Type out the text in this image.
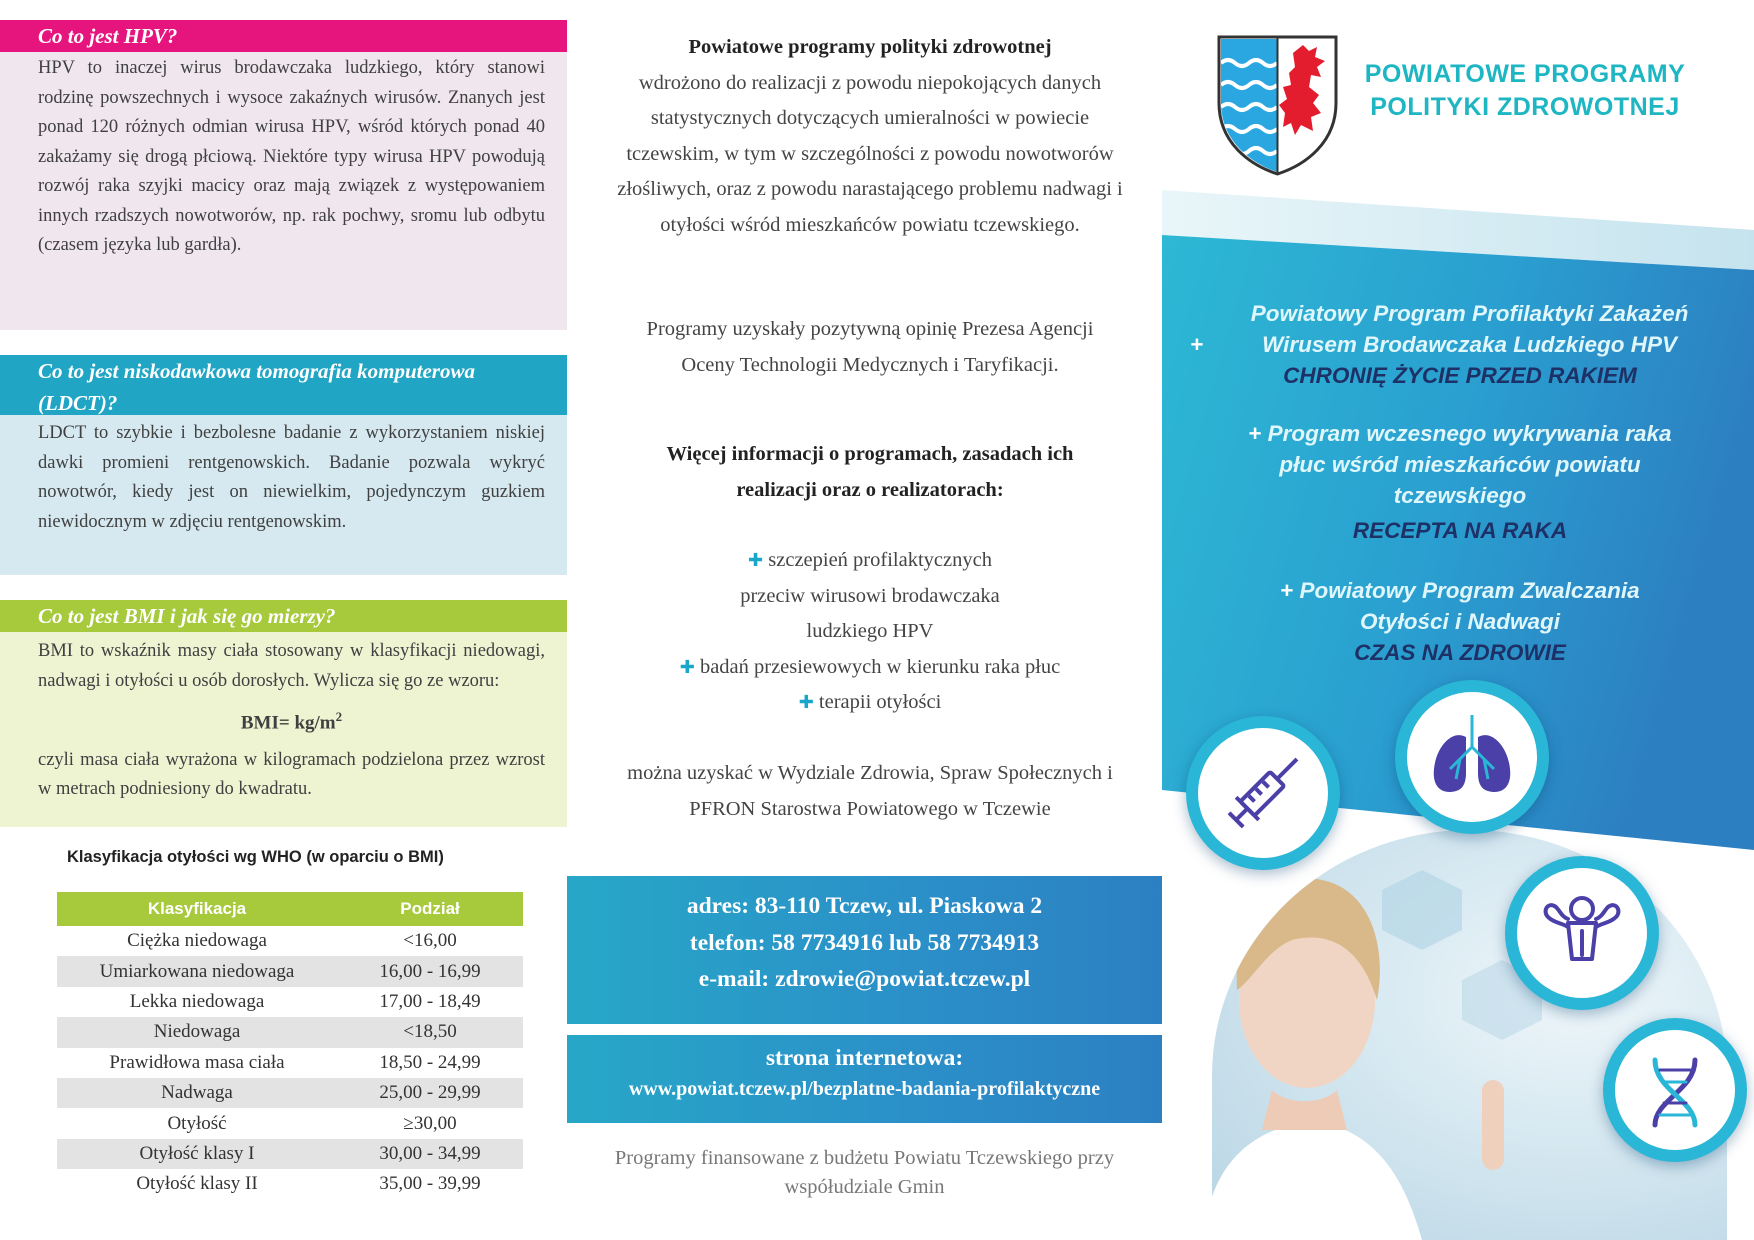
Co to jest HPV?

HPV to inaczej wirus brodawczaka ludzkiego, który stanowi rodzinę powszechnych i wysoce zakaźnych wirusów. Znanych jest ponad 120 różnych odmian wirusa HPV, wśród których ponad 40 zakażamy się drogą płciową. Niektóre typy wirusa HPV powodują rozwój raka szyjki macicy oraz mają związek z występowaniem innych rzadszych nowotworów, np. rak pochwy, sromu lub odbytu (czasem języka lub gardła).

Co to jest niskodawkowa tomografia komputerowa (LDCT)?

LDCT to szybkie i bezbolesne badanie z wykorzystaniem niskiej dawki promieni rentgenowskich. Badanie pozwala wykryć nowotwór, kiedy jest on niewielkim, pojedynczym guzkiem niewidocznym w zdjęciu rentgenowskim.

Co to jest BMI i jak się go mierzy?

BMI to wskaźnik masy ciała stosowany w klasyfikacji niedowagi, nadwagi i otyłości u osób dorosłych. Wylicza się go ze wzoru:

$BMI= kg/m^2$

czyli masa ciała wyrażona w kilogramach podzielona przez wzrost w metrach podniesiony do kwadratu.

Klasyfikacja otyłości wg WHO (w oparciu o BMI)
Klasyfikacja	Podział
Ciężka niedowaga	<16,00
Umiarkowana niedowaga	16,00 - 16,99
Lekka niedowaga	17,00 - 18,49
Niedowaga	<18,50
Prawidłowa masa ciała	18,50 - 24,99
Nadwaga	25,00 - 29,99
Otyłość	≥30,00
Otyłość klasy I	30,00 - 34,99
Otyłość klasy II	35,00 - 39,99
Powiatowe programy polityki zdrowotnej
wdrożono do realizacji z powodu niepokojących danych statystycznych dotyczących umieralności w powiecie tczewskim, w tym w szczególności z powodu nowotworów złośliwych, oraz z powodu narastającego problemu nadwagi i otyłości wśród mieszkańców powiatu tczewskiego.
Programy uzyskały pozytywną opinię Prezesa Agencji Oceny Technologii Medycznych i Taryfikacji.
Więcej informacji o programach, zasadach ich realizacji oraz o realizatorach:
✚ szczepień profilaktycznych przeciw wirusowi brodawczaka ludzkiego HPV
✚ badań przesiewowych w kierunku raka płuc
✚ terapii otyłości
można uzyskać w Wydziale Zdrowia, Spraw Społecznych i PFRON Starostwa Powiatowego w Tczewie
adres: 83-110 Tczew, ul. Piaskowa 2
telefon: 58 7734916 lub 58 7734913
e-mail: zdrowie@powiat.tczew.pl
strona internetowa:
www.powiat.tczew.pl/bezplatne-badania-profilaktyczne
Programy finansowane z budżetu Powiatu Tczewskiego przy współudziale Gmin
POWIATOWE PROGRAMY POLITYKI ZDROWOTNEJ
+Powiatowy Program Profilaktyki Zakażeń Wirusem Brodawczaka Ludzkiego HPV
CHRONIĘ ŻYCIE PRZED RAKIEM
+ Program wczesnego wykrywania raka płuc wśród mieszkańców powiatu tczewskiego
RECEPTA NA RAKA
+ Powiatowy Program Zwalczania Otyłości i Nadwagi
CZAS NA ZDROWIE
